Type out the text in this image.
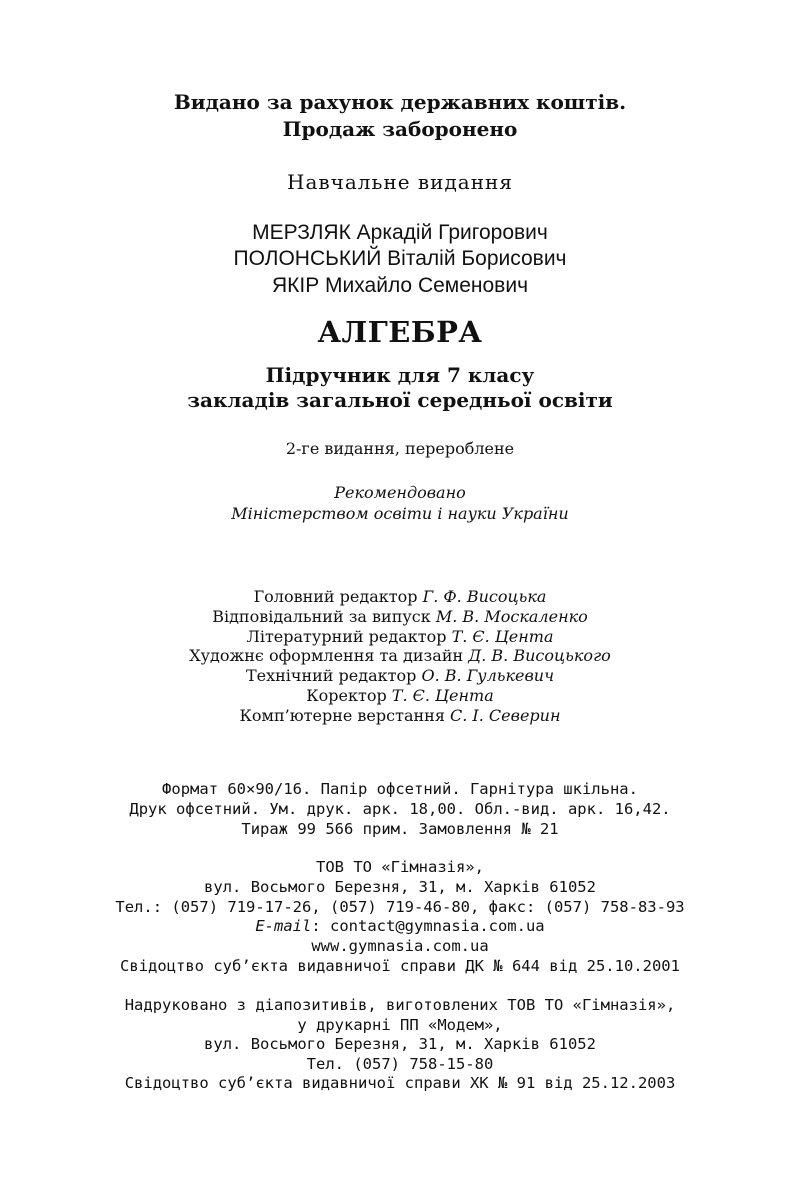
Видано за рахунок державних коштів.
Продаж заборонено
Навчальне видання
МЕРЗЛЯК Аркадій Григорович
ПОЛОНСЬКИЙ Віталій Борисович
ЯКІР Михайло Семенович
АЛГЕБРА
Підручник для 7 класу
закладів загальної середньої освіти
2-ге видання, перероблене
Рекомендовано
Міністерством освіти і науки України
Головний редактор Г. Ф. Висоцька
Відповідальний за випуск М. В. Москаленко
Літературний редактор Т. Є. Цента
Художнє оформлення та дизайн Д. В. Висоцького
Технічний редактор О. В. Гулькевич
Коректор Т. Є. Цента
Комп’ютерне верстання С. І. Северин
Формат 60×90/16. Папір офсетний. Гарнітура шкільна.
Друк офсетний. Ум. друк. арк. 18,00. Обл.-вид. арк. 16,42.
Тираж 99 566 прим. Замовлення № 21
ТОВ ТО «Гімназія»,
вул. Восьмого Березня, 31, м. Харків 61052
Тел.: (057) 719-17-26, (057) 719-46-80, факс: (057) 758-83-93
E-mail: contact@gymnasia.com.ua
www.gymnasia.com.ua
Свідоцтво суб’єкта видавничої справи ДК № 644 від 25.10.2001
Надруковано з діапозитивів, виготовлених ТОВ ТО «Гімназія»,
у друкарні ПП «Модем»,
вул. Восьмого Березня, 31, м. Харків 61052
Тел. (057) 758-15-80
Свідоцтво суб’єкта видавничої справи ХК № 91 від 25.12.2003
